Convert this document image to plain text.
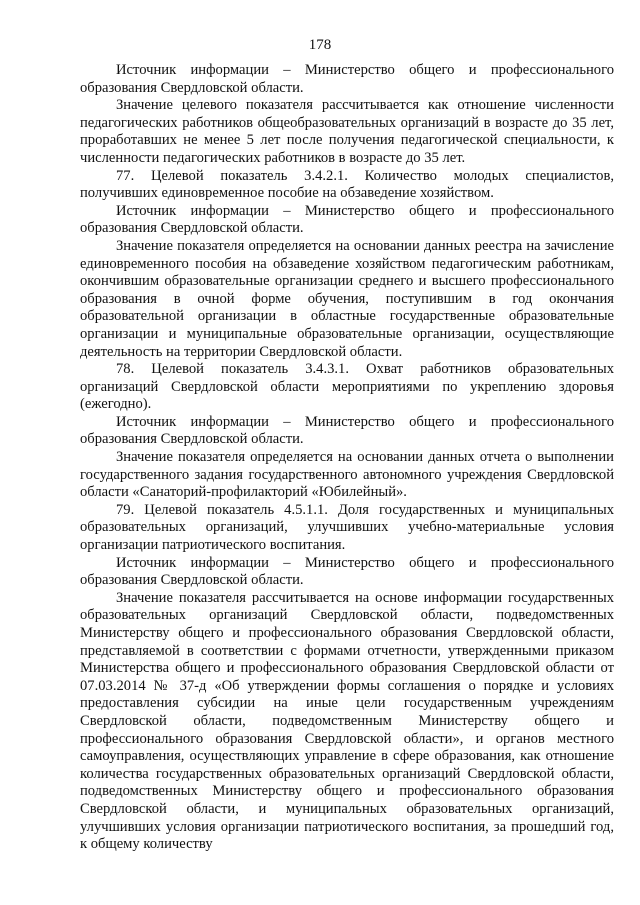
178

Источник информации – Министерство общего и профессионального образования Свердловской области.

Значение целевого показателя рассчитывается как отношение численности педагогических работников общеобразовательных организаций в возрасте до 35 лет, проработавших не менее 5 лет после получения педагогической специальности, к численности педагогических работников в возрасте до 35 лет.

77. Целевой показатель 3.4.2.1. Количество молодых специалистов, получивших единовременное пособие на обзаведение хозяйством.

Источник информации – Министерство общего и профессионального образования Свердловской области.

Значение показателя определяется на основании данных реестра на зачисление единовременного пособия на обзаведение хозяйством педагогическим работникам, окончившим образовательные организации среднего и высшего профессионального образования в очной форме обучения, поступившим в год окончания образовательной организации в областные государственные образовательные организации и муниципальные образовательные организации, осуществляющие деятельность на территории Свердловской области.

78. Целевой показатель 3.4.3.1. Охват работников образовательных организаций Свердловской области мероприятиями по укреплению здоровья (ежегодно).

Источник информации – Министерство общего и профессионального образования Свердловской области.

Значение показателя определяется на основании данных отчета о выполнении государственного задания государственного автономного учреждения Свердловской области «Санаторий-профилакторий «Юбилейный».

79. Целевой показатель 4.5.1.1. Доля государственных и муниципальных образовательных организаций, улучшивших учебно-материальные условия организации патриотического воспитания.

Источник информации – Министерство общего и профессионального образования Свердловской области.

Значение показателя рассчитывается на основе информации государственных образовательных организаций Свердловской области, подведомственных Министерству общего и профессионального образования Свердловской области, представляемой в соответствии с формами отчетности, утвержденными приказом Министерства общего и профессионального образования Свердловской области от 07.03.2014 № 37-д «Об утверждении формы соглашения о порядке и условиях предоставления субсидии на иные цели государственным учреждениям Свердловской области, подведомственным Министерству общего и профессионального образования Свердловской области», и органов местного самоуправления, осуществляющих управление в сфере образования, как отношение количества государственных образовательных организаций Свердловской области, подведомственных Министерству общего и профессионального образования Свердловской области, и муниципальных образовательных организаций, улучшивших условия организации патриотического воспитания, за прошедший год, к общему количеству
